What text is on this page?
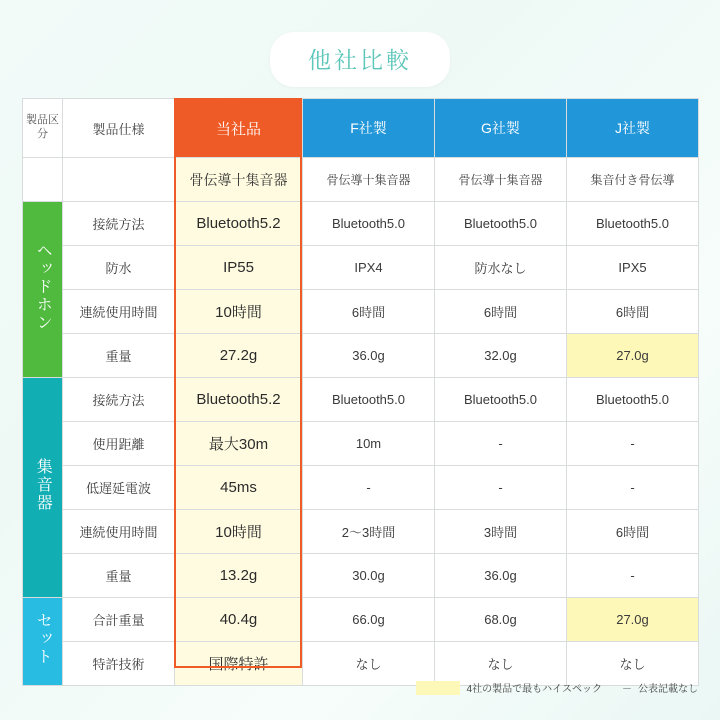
他社比較
製品区分	製品仕様	当社品	F社製	G社製	J社製
		骨伝導十集音器	骨伝導十集音器	骨伝導十集音器	集音付き骨伝導
ヘッドホン	接続方法	Bluetooth5.2	Bluetooth5.0	Bluetooth5.0	Bluetooth5.0
	防水	IP55	IPX4	防水なし	IPX5
	連続使用時間	10時間	6時間	6時間	6時間
	重量	27.2g	36.0g	32.0g	27.0g
集音器	接続方法	Bluetooth5.2	Bluetooth5.0	Bluetooth5.0	Bluetooth5.0
	使用距離	最大30m	10m	-	-
	低遅延電波	45ms	-	-	-
	連続使用時間	10時間	2〜3時間	3時間	6時間
	重量	13.2g	30.0g	36.0g	-
セット	合計重量	40.4g	66.0g	68.0g	27.0g
	特許技術	国際特許	なし	なし	なし
4社の製品で最もハイスペック － 公表記載なし
